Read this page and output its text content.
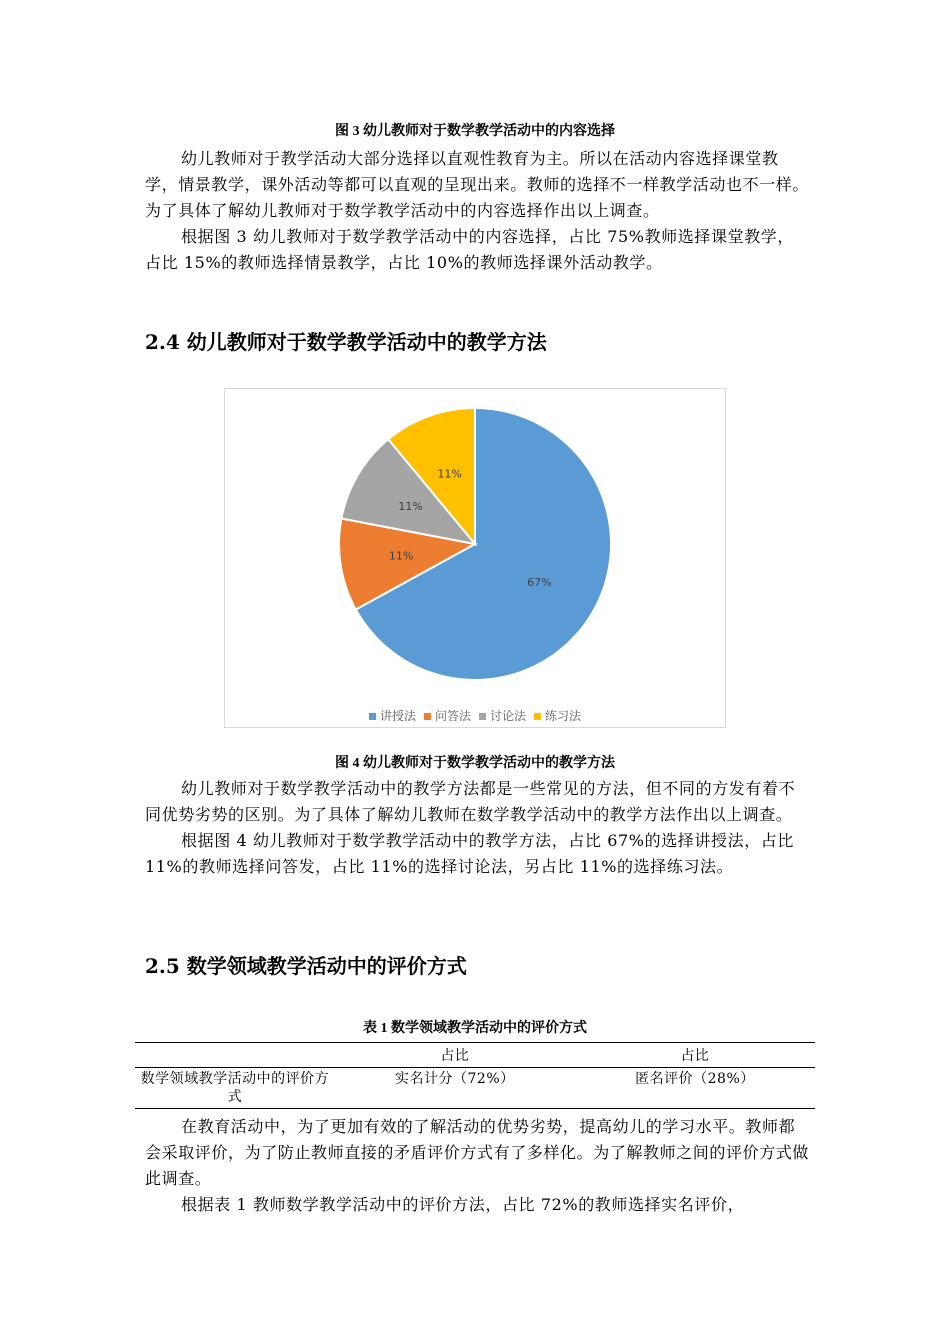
图 3 幼儿教师对于数学教学活动中的内容选择

幼儿教师对于教学活动大部分选择以直观性教育为主。所以在活动内容选择课堂教学，情景教学，课外活动等都可以直观的呈现出来。教师的选择不一样教学活动也不一样。为了具体了解幼儿教师对于数学教学活动中的内容选择作出以上调查。

根据图 3 幼儿教师对于数学教学活动中的内容选择，占比 75%教师选择课堂教学，占比 15%的教师选择情景教学，占比 10%的教师选择课外活动教学。

2.4 幼儿教师对于数学教学活动中的教学方法
67%
11%
11%
11%
讲授法 问答法 讨论法 练习法
图 4 幼儿教师对于数学教学活动中的教学方法

幼儿教师对于数学教学活动中的教学方法都是一些常见的方法，但不同的方发有着不同优势劣势的区别。为了具体了解幼儿教师在数学教学活动中的教学方法作出以上调查。

根据图 4 幼儿教师对于数学教学活动中的教学方法，占比 67%的选择讲授法，占比 11%的教师选择问答发，占比 11%的选择讨论法，另占比 11%的选择练习法。

2.5 数学领域教学活动中的评价方式
表 1 数学领域教学活动中的评价方式
	占比	占比
数学领域教学活动中的评价方式	实名计分（72%）	匿名评价（28%）

在教育活动中，为了更加有效的了解活动的优势劣势，提高幼儿的学习水平。教师都会采取评价，为了防止教师直接的矛盾评价方式有了多样化。为了解教师之间的评价方式做此调查。

根据表 1 教师数学教学活动中的评价方法，占比 72%的教师选择实名评价，
